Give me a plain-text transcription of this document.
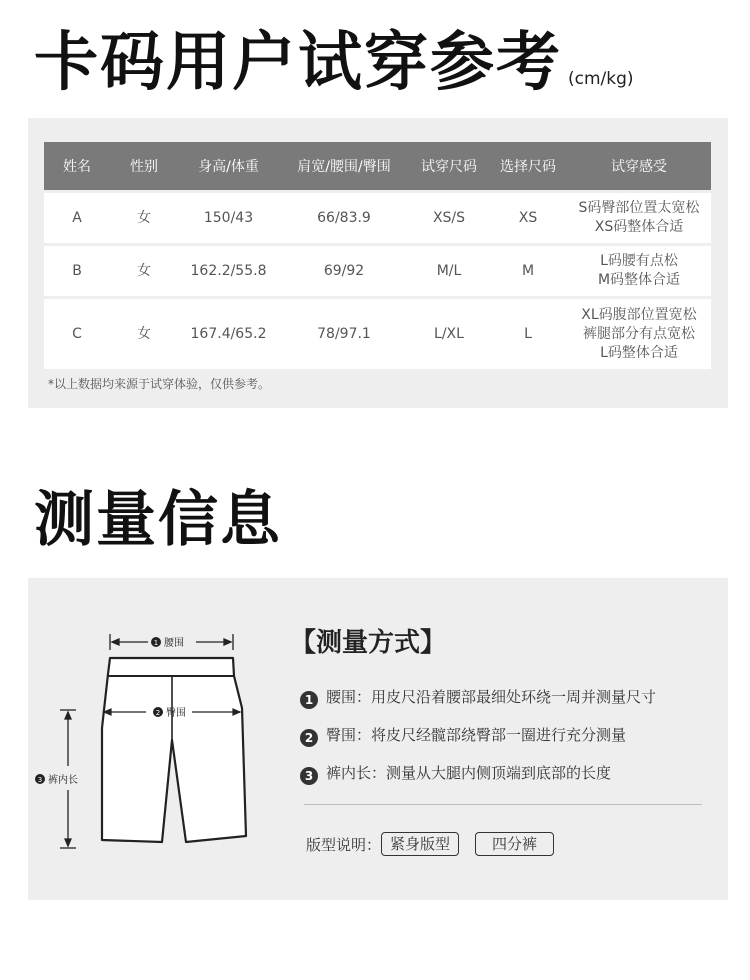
卡码用户试穿参考 (cm/kg)
姓名	性别	身高/体重	肩宽/腰围/臀围	试穿尺码	选择尺码	试穿感受
A	女	150/43	66/83.9	XS/S	XS	S码臀部位置太宽松
XS码整体合适

B	女	162.2/55.8	69/92	M/L	M	L码腰有点松
M码整体合适

C	女	167.4/65.2	78/97.1	L/XL	L	XL码腹部位置宽松
裤腿部分有点宽松
L码整体合适
*以上数据均来源于试穿体验，仅供参考。
测量信息
1 腰围
2 臀围
3 裤内长
【测量方式】
1 腰围：用皮尺沿着腰部最细处环绕一周并测量尺寸
2 臀围：将皮尺经髋部绕臀部一圈进行充分测量
3 裤内长：测量从大腿内侧顶端到底部的长度
版型说明： 紧身版型	四分裤
